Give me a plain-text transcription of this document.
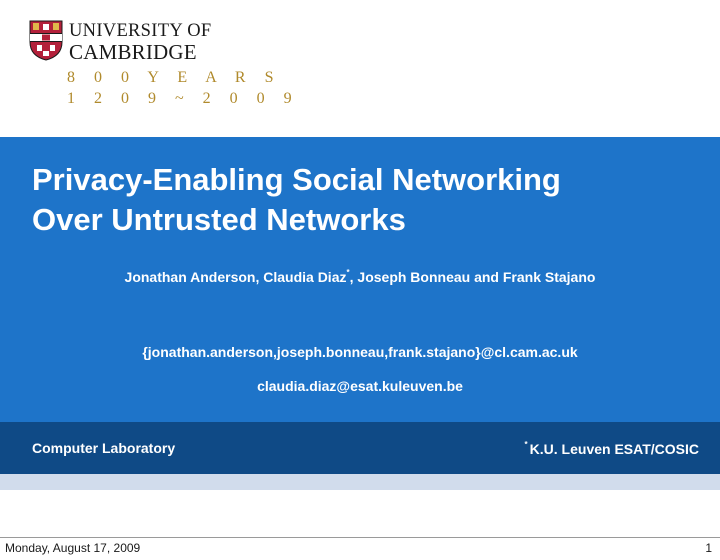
UNIVERSITY OF
CAMBRIDGE
8 0 0 Y E A R S
1 2 0 9 ~ 2 0 0 9
Privacy-Enabling Social Networking
Over Untrusted Networks
Jonathan Anderson, Claudia Diaz*, Joseph Bonneau and Frank Stajano
{jonathan.anderson,joseph.bonneau,frank.stajano}@cl.cam.ac.uk
claudia.diaz@esat.kuleuven.be
Computer Laboratory	* K.U. Leuven ESAT/COSIC
Monday, August 17, 2009	1
